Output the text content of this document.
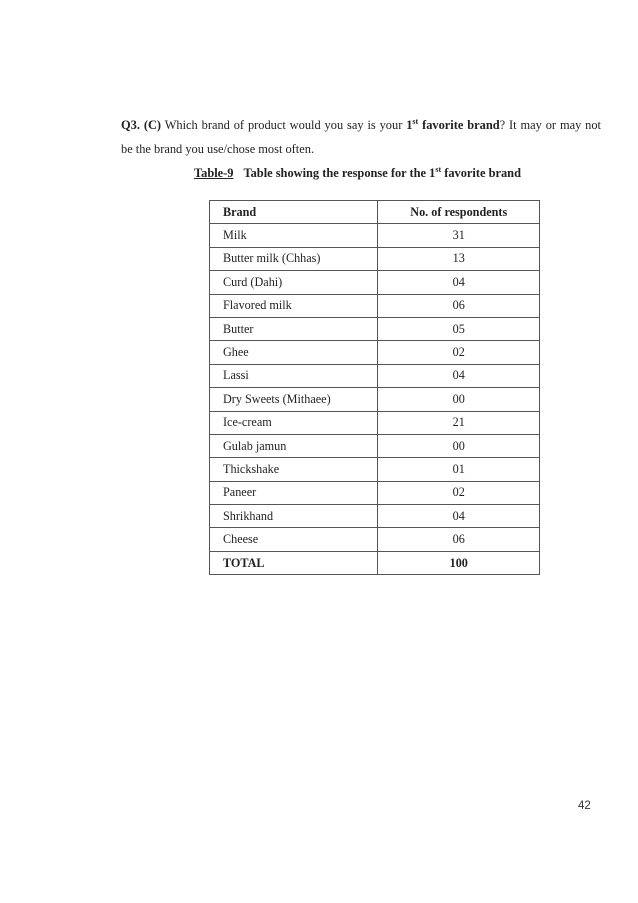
Q3. (C) Which brand of product would you say is your 1st favorite brand? It may or may not be the brand you use/chose most often.
Table-9 Table showing the response for the 1st favorite brand
Brand	No. of respondents
Milk	31
Butter milk (Chhas)	13
Curd (Dahi)	04
Flavored milk	06
Butter	05
Ghee	02
Lassi	04
Dry Sweets (Mithaee)	00
Ice-cream	21
Gulab jamun	00
Thickshake	01
Paneer	02
Shrikhand	04
Cheese	06
TOTAL	100
42
